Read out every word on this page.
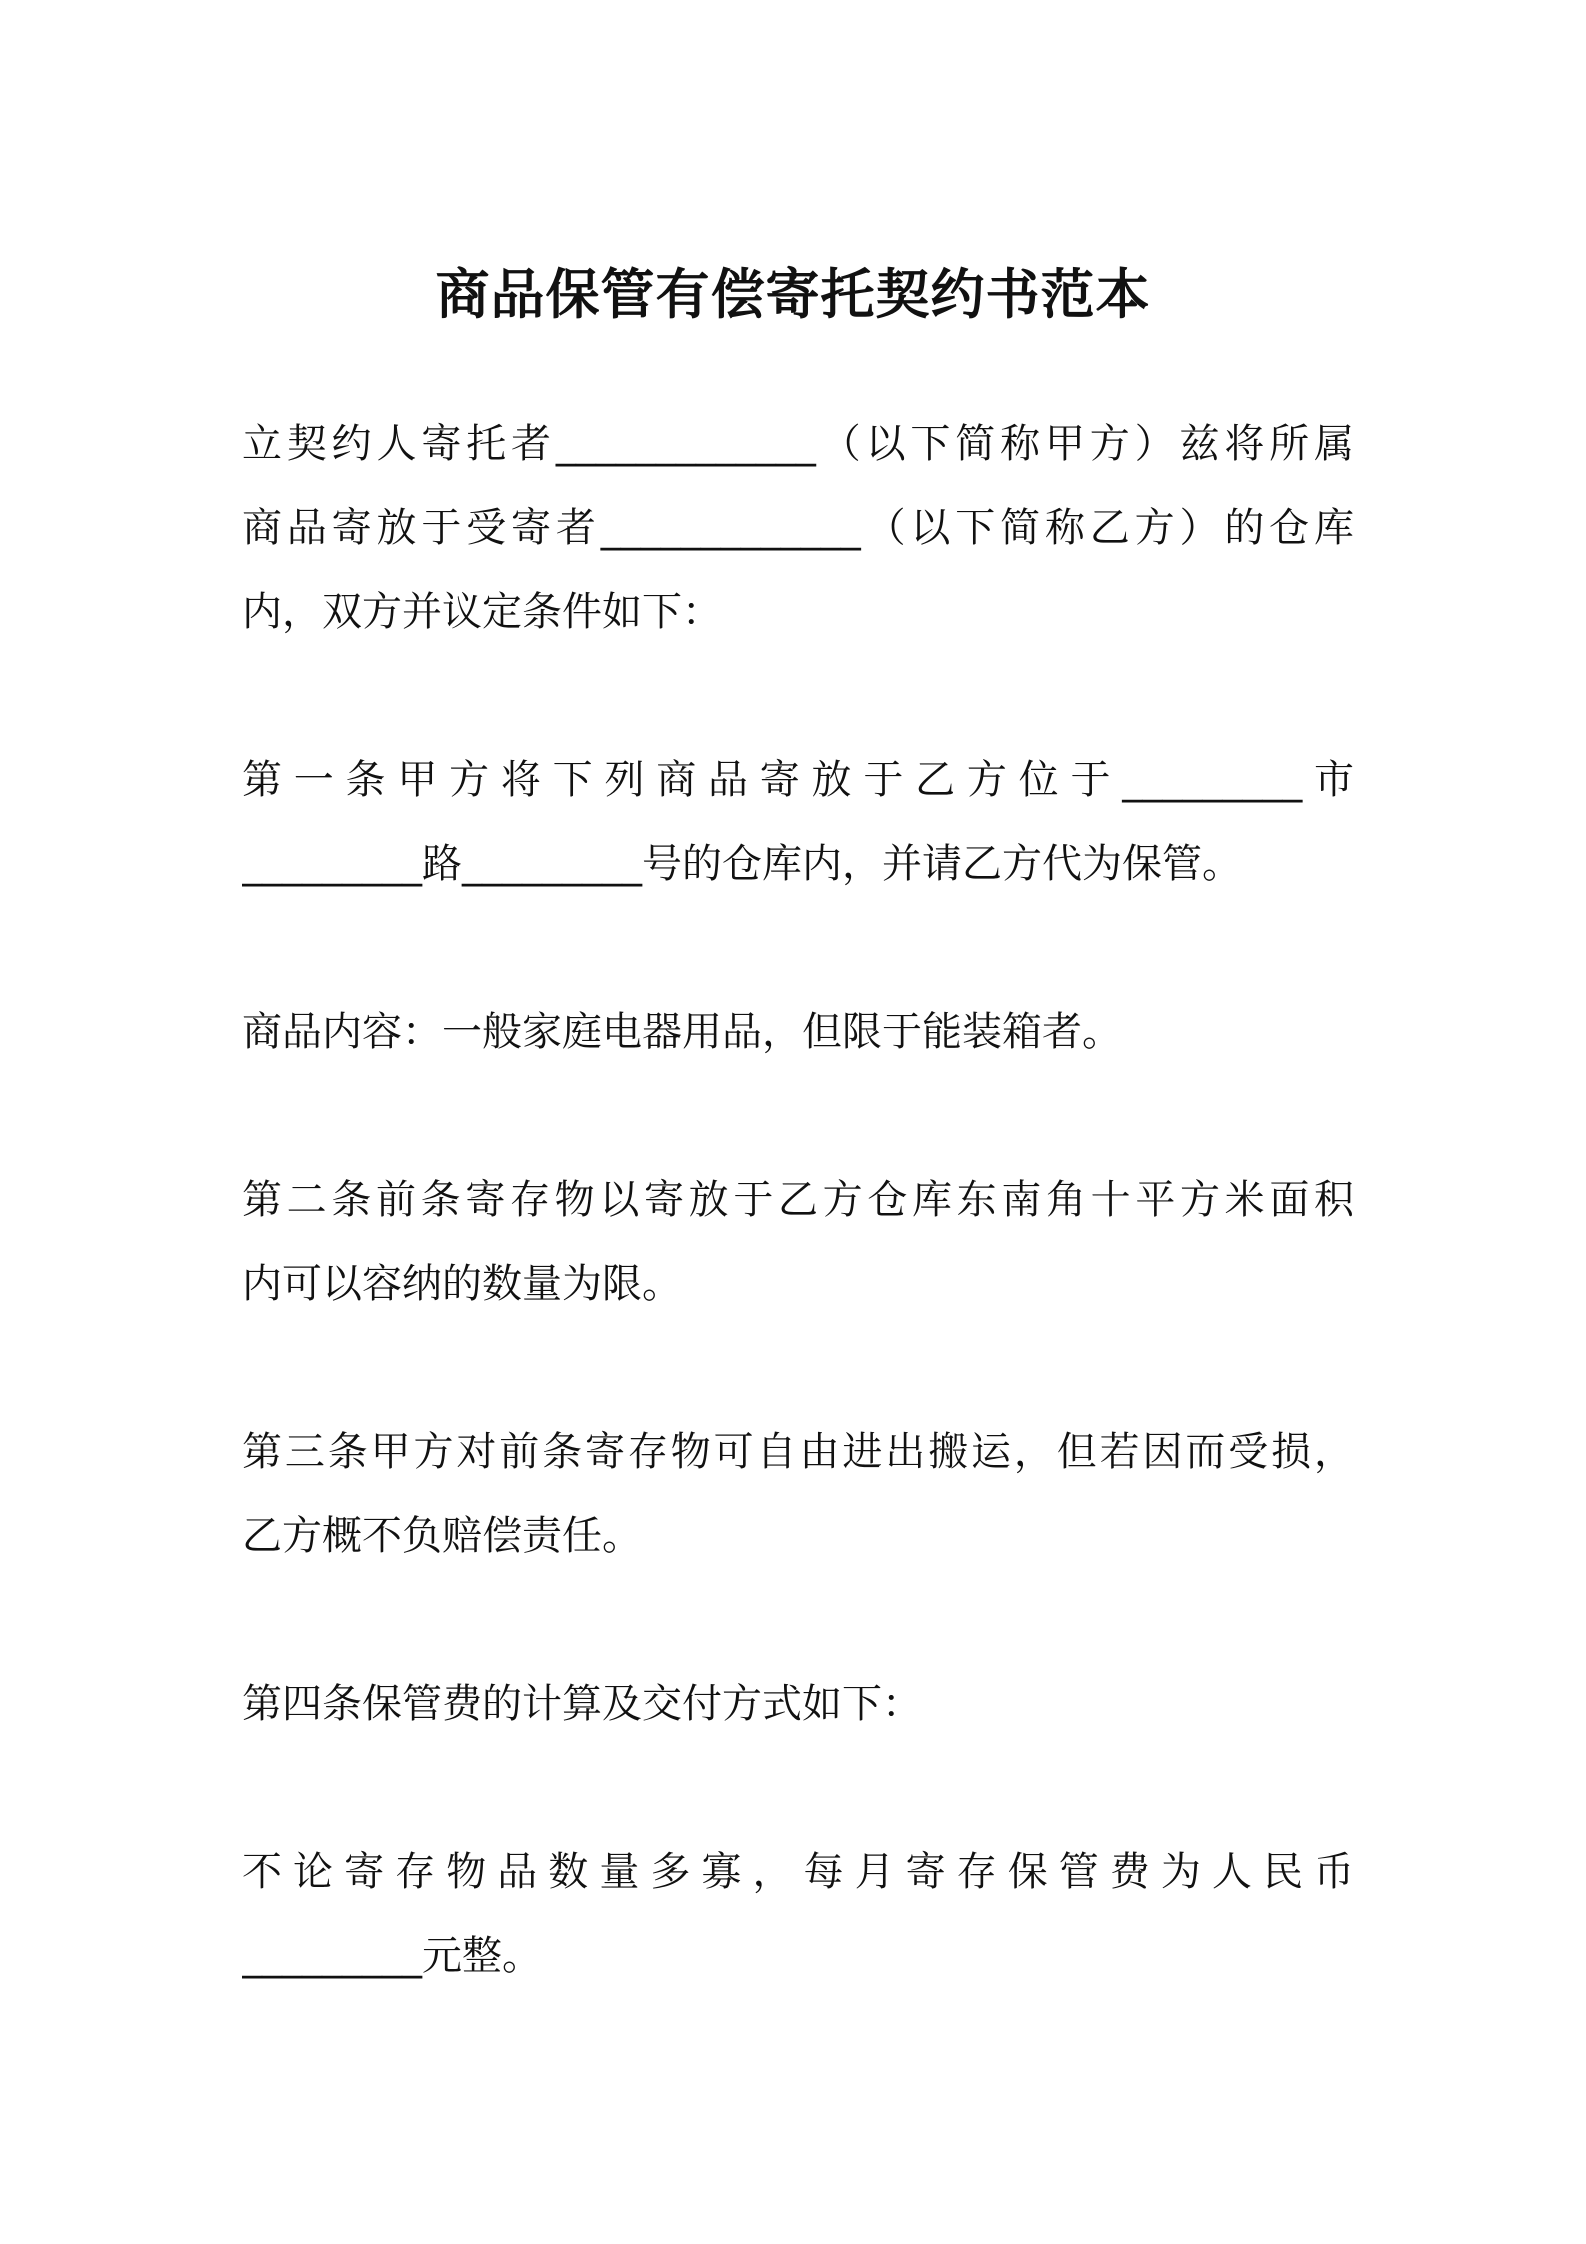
商品保管有偿寄托契约书范本
立契约人寄托者_____________（以下简称甲方）兹将所属
商品寄放于受寄者_____________（以下简称乙方）的仓库
内，双方并议定条件如下：
第一条甲方将下列商品寄放于乙方位于_________市
_________路_________号的仓库内，并请乙方代为保管。
商品内容：一般家庭电器用品，但限于能装箱者。
第二条前条寄存物以寄放于乙方仓库东南角十平方米面积
内可以容纳的数量为限。
第三条甲方对前条寄存物可自由进出搬运，但若因而受损，
乙方概不负赔偿责任。
第四条保管费的计算及交付方式如下：
不论寄存物品数量多寡，每月寄存保管费为人民币
_________元整。
